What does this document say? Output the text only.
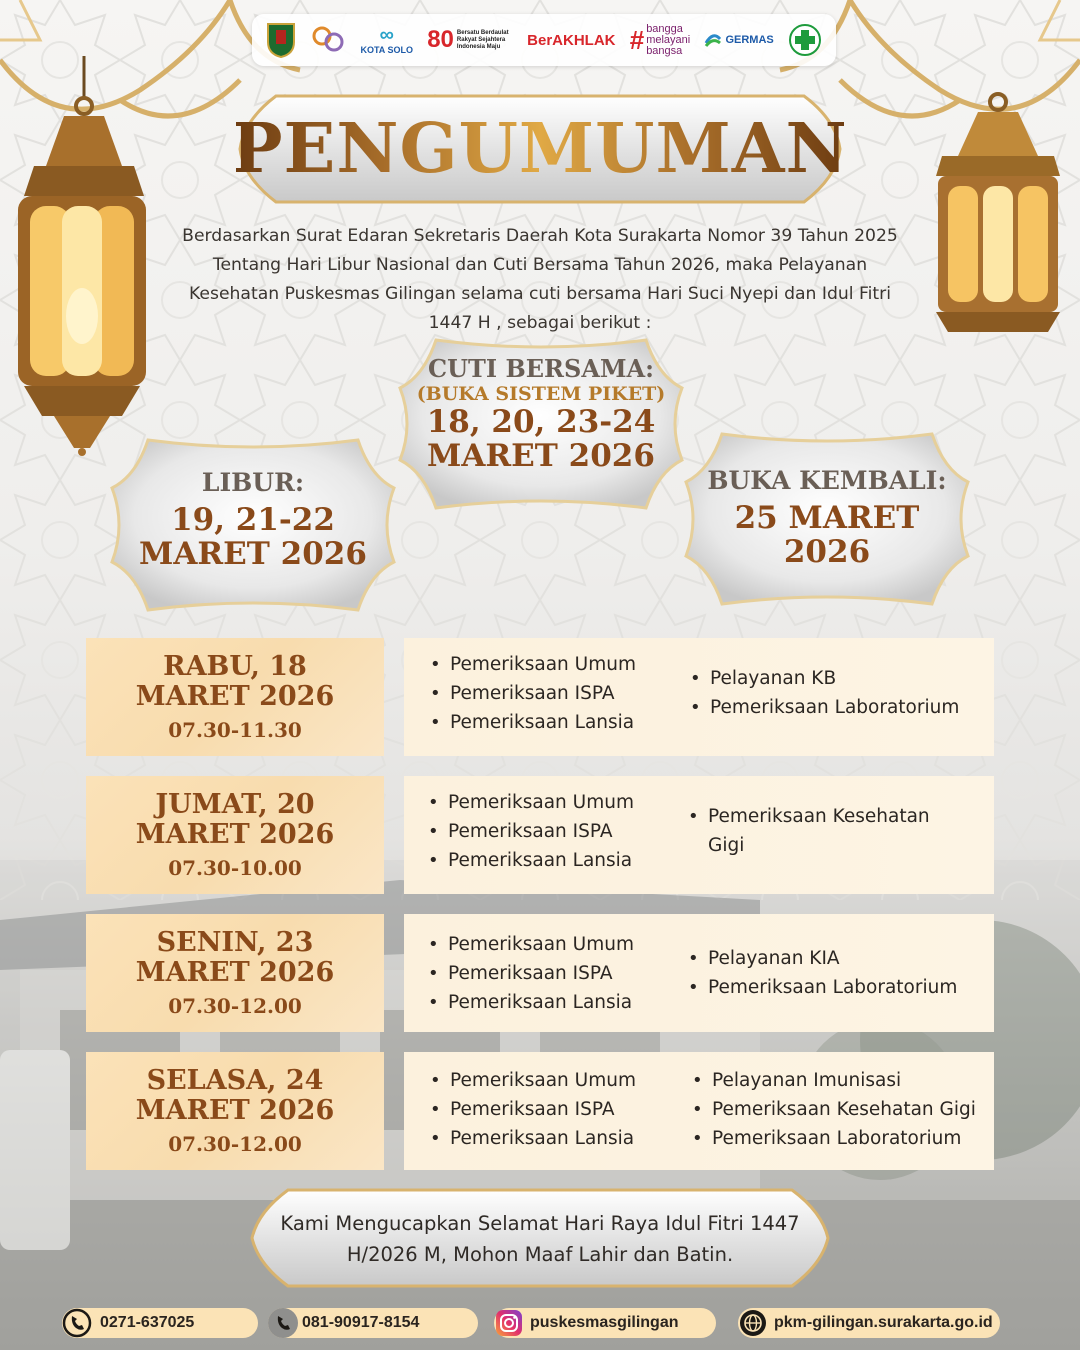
∞
KOTA SOLO 80 Bersatu Berdaulat Rakyat Sejahtera Indonesia Maju	BerAKHLAK # bangga
melayani
bangsa
GERMAS
PENGUMUMAN

Berdasarkan Surat Edaran Sekretaris Daerah Kota Surakarta Nomor 39 Tahun 2025 Tentang Hari Libur Nasional dan Cuti Bersama Tahun 2026, maka Pelayanan Kesehatan Puskesmas Gilingan selama cuti bersama Hari Suci Nyepi dan Idul Fitri 1447 H , sebagai berikut :

CUTI BERSAMA:
(BUKA SISTEM PIKET)
18, 20, 23-24
MARET 2026
LIBUR:
19, 21-22
MARET 2026
BUKA KEMBALI:
25 MARET
2026
RABU, 18
MARET 2026
07.30-11.30
• Pemeriksaan Umum
• Pemeriksaan ISPA
• Pemeriksaan Lansia
• Pelayanan KB
• Pemeriksaan Laboratorium
JUMAT, 20
MARET 2026
07.30-10.00
• Pemeriksaan Umum
• Pemeriksaan ISPA
• Pemeriksaan Lansia
• Pemeriksaan Kesehatan Gigi
SENIN, 23
MARET 2026
07.30-12.00
• Pemeriksaan Umum
• Pemeriksaan ISPA
• Pemeriksaan Lansia
• Pelayanan KIA
• Pemeriksaan Laboratorium
SELASA, 24
MARET 2026
07.30-12.00
• Pemeriksaan Umum
• Pemeriksaan ISPA
• Pemeriksaan Lansia
• Pelayanan Imunisasi
• Pemeriksaan Kesehatan Gigi
• Pemeriksaan Laboratorium

Kami Mengucapkan Selamat Hari Raya Idul Fitri 1447 H/2026 M, Mohon Maaf Lahir dan Batin.

0271-637025	081-90917-8154	puskesmasgilingan	pkm-gilingan.surakarta.go.id
